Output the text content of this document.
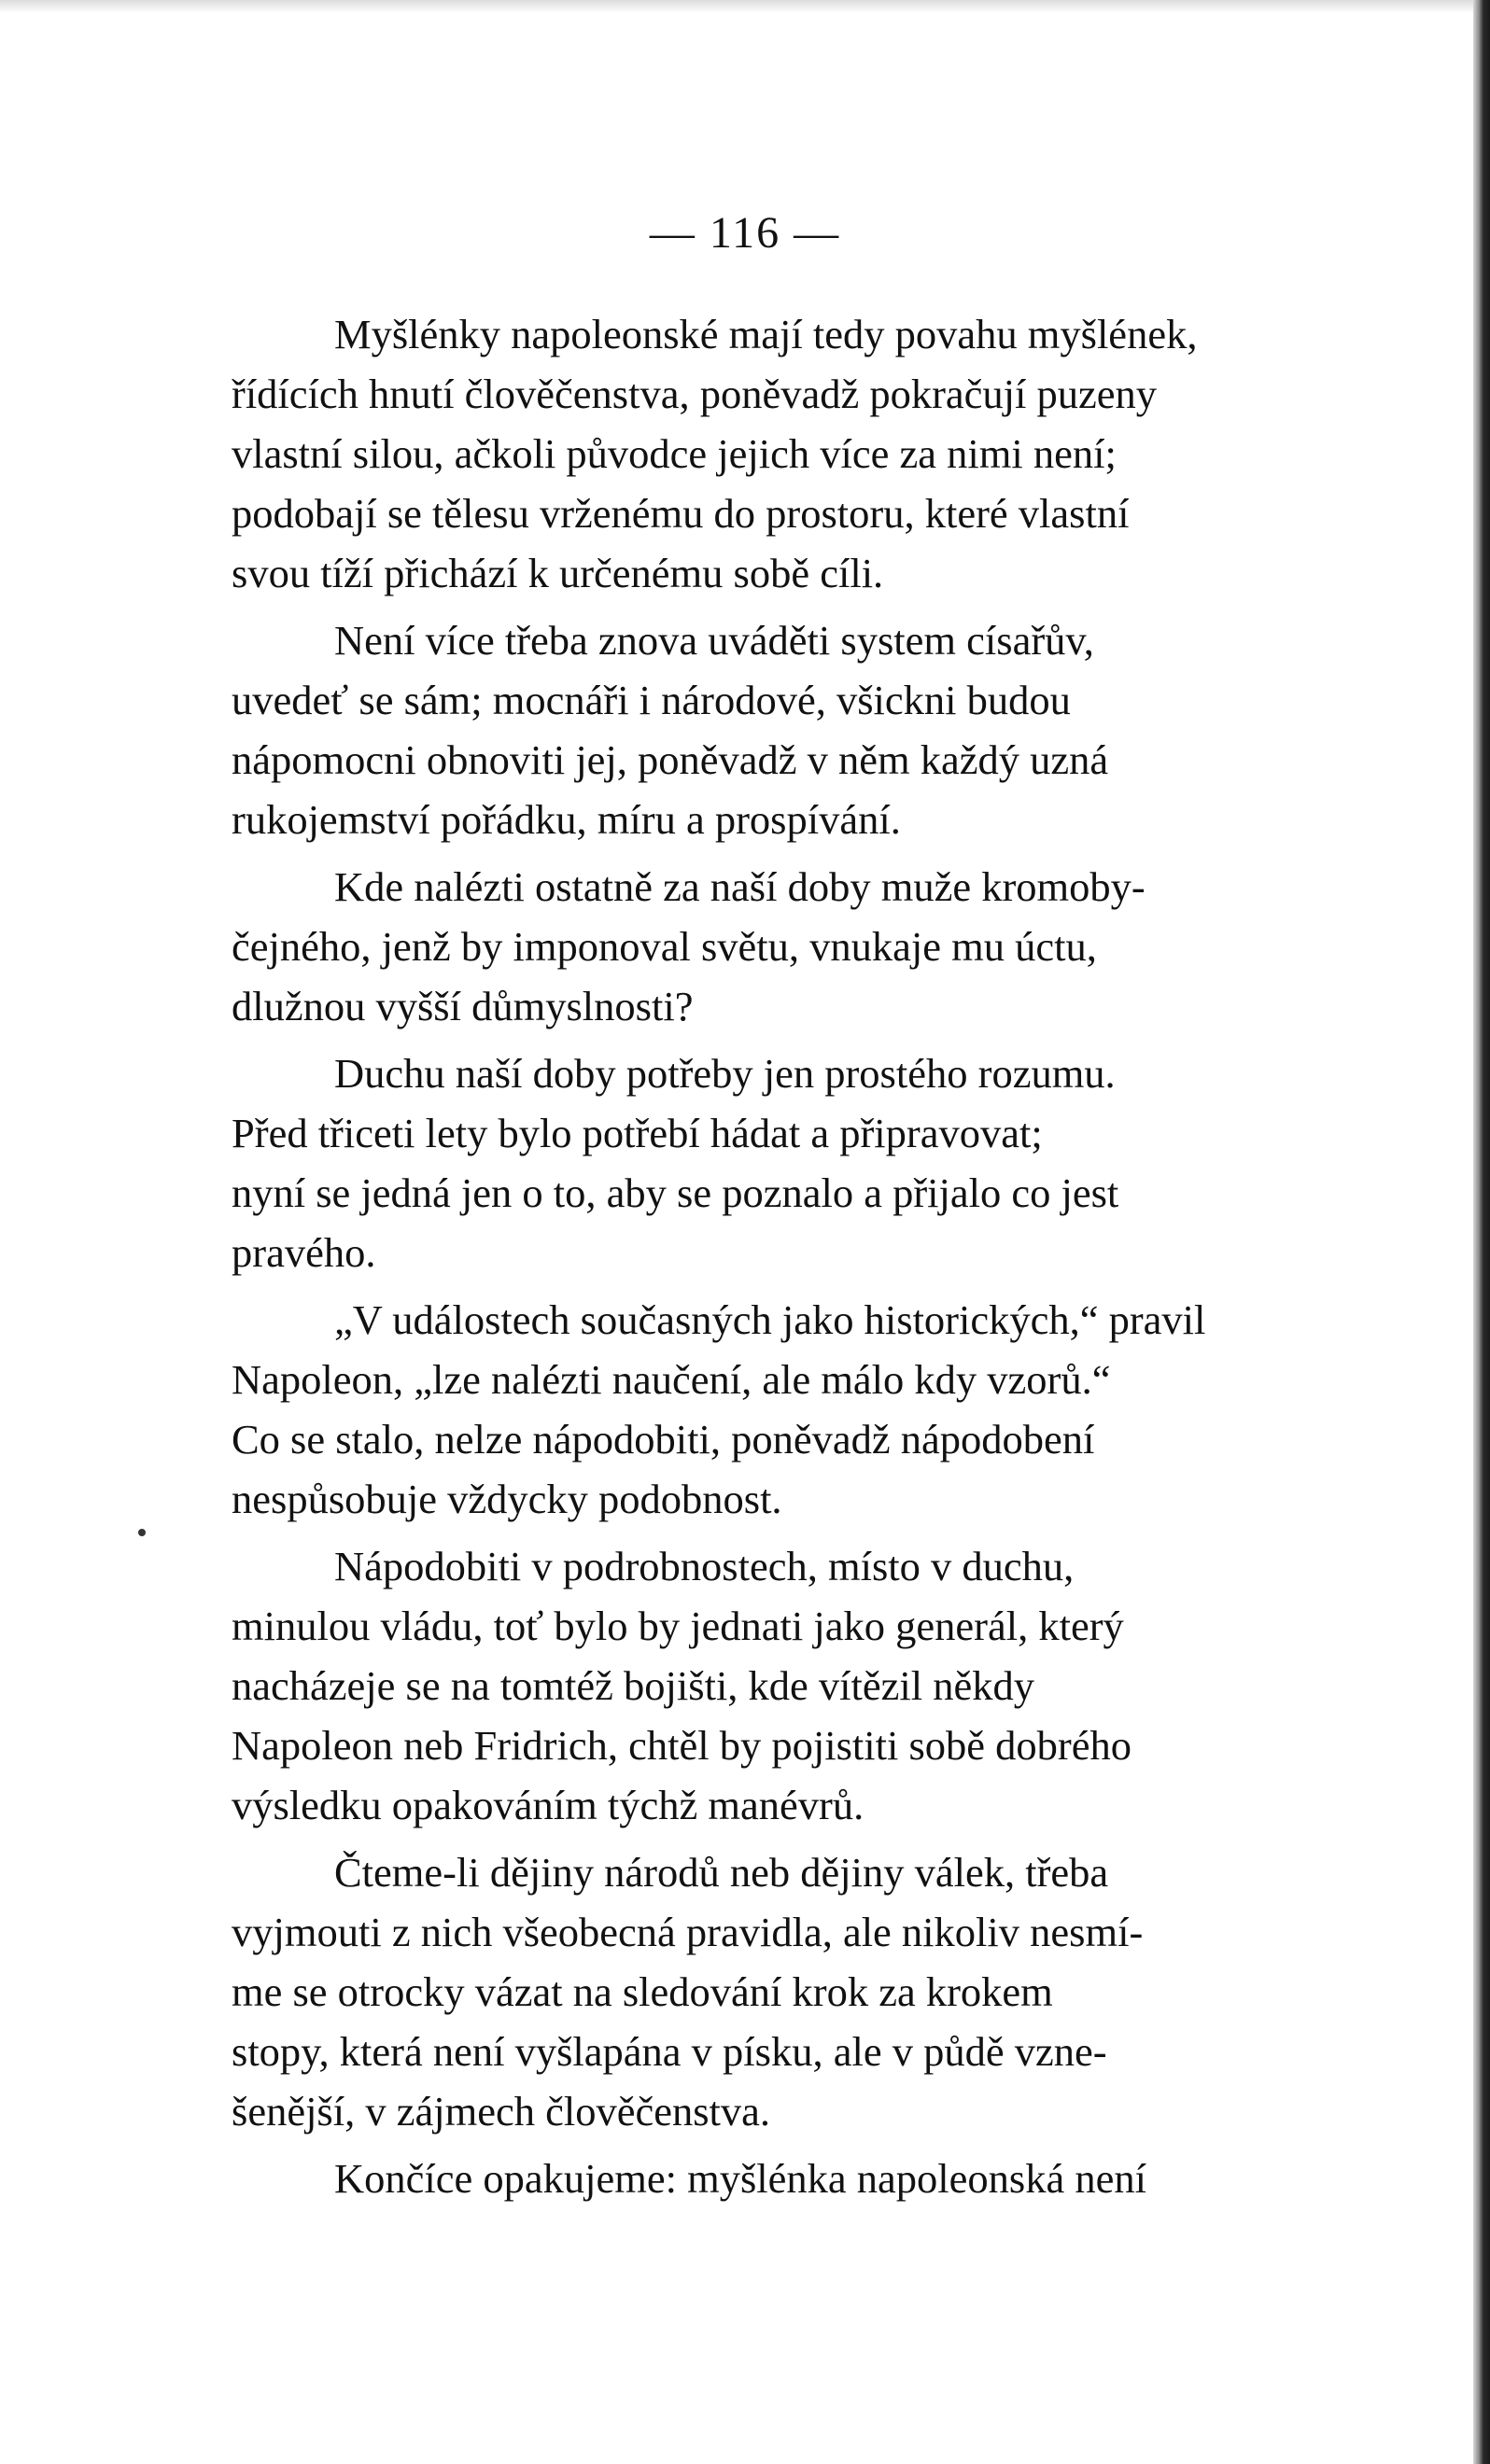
— 116 —

Myšlénky napoleonské mají tedy povahu myšlének,
řídících hnutí člověčenstva, poněvadž pokračují puzeny
vlastní silou, ačkoli původce jejich více za nimi není;
podobají se tělesu vrženému do prostoru, které vlastní
svou tíží přichází k určenému sobě cíli.

Není více třeba znova uváděti system císařův,
uvedeť se sám; mocnáři i národové, všickni budou
nápomocni obnoviti jej, poněvadž v něm každý uzná
rukojemství pořádku, míru a prospívání.

Kde nalézti ostatně za naší doby muže kromoby-
čejného, jenž by imponoval světu, vnukaje mu úctu,
dlužnou vyšší důmyslnosti?

Duchu naší doby potřeby jen prostého rozumu.
Před třiceti lety bylo potřebí hádat a připravovat;
nyní se jedná jen o to, aby se poznalo a přijalo co jest
pravého.

„V událostech současných jako historických,“ pravil
Napoleon, „lze nalézti naučení, ale málo kdy vzorů.“
Co se stalo, nelze nápodobiti, poněvadž nápodobení
nespůsobuje vždycky podobnost.

Nápodobiti v podrobnostech, místo v duchu,
minulou vládu, toť bylo by jednati jako generál, který
nacházeje se na tomtéž bojišti, kde vítězil někdy
Napoleon neb Fridrich, chtěl by pojistiti sobě dobrého
výsledku opakováním týchž manévrů.

Čteme-li dějiny národů neb dějiny válek, třeba
vyjmouti z nich všeobecná pravidla, ale nikoliv nesmí-
me se otrocky vázat na sledování krok za krokem
stopy, která není vyšlapána v písku, ale v půdě vzne-
šenější, v zájmech člověčenstva.

Končíce opakujeme: myšlénka napoleonská není
